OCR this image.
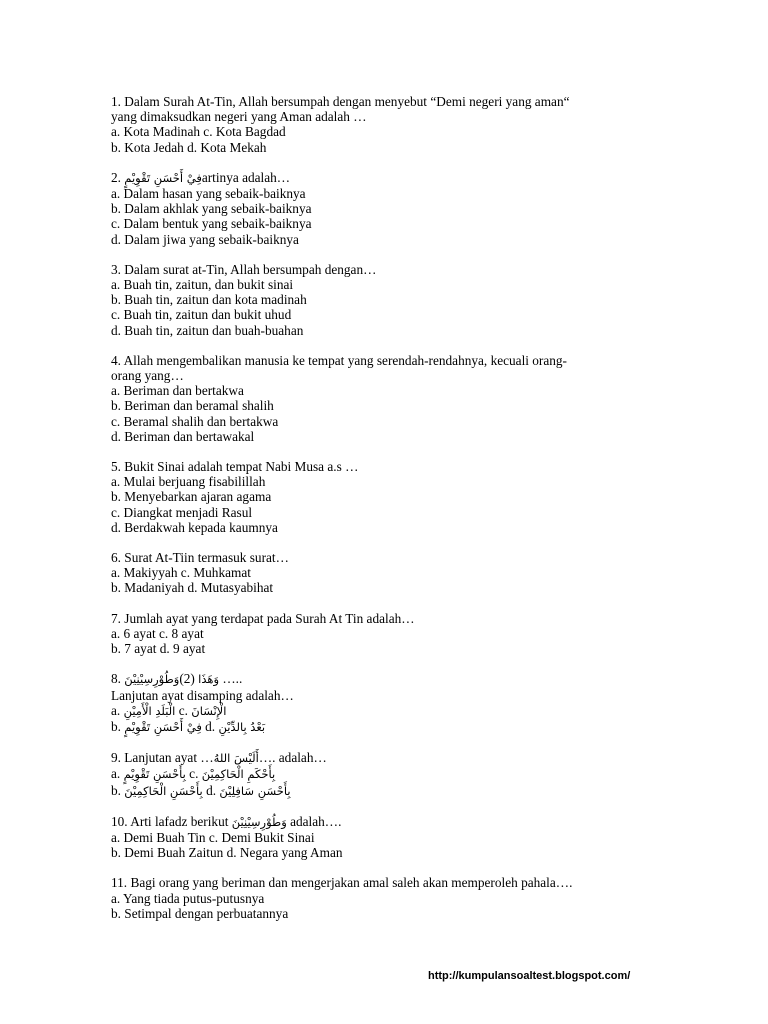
1. Dalam Surah At-Tin, Allah bersumpah dengan menyebut “Demi negeri yang aman“
yang dimaksudkan negeri yang Aman adalah …
a. Kota Madinah c. Kota Bagdad
b. Kota Jedah d. Kota Mekah
2. فِيْ أَحْسَنِ تَقْوِيْمٍartinya adalah…
a. Dalam hasan yang sebaik-baiknya
b. Dalam akhlak yang sebaik-baiknya
c. Dalam bentuk yang sebaik-baiknya
d. Dalam jiwa yang sebaik-baiknya
3. Dalam surat at-Tin, Allah bersumpah dengan…
a. Buah tin, zaitun, dan bukit sinai
b. Buah tin, zaitun dan kota madinah
c. Buah tin, zaitun dan bukit uhud
d. Buah tin, zaitun dan buah-buahan
4. Allah mengembalikan manusia ke tempat yang serendah-rendahnya, kecuali orang-
orang yang…
a. Beriman dan bertakwa
b. Beriman dan beramal shalih
c. Beramal shalih dan bertakwa
d. Beriman dan bertawakal
5. Bukit Sinai adalah tempat Nabi Musa a.s …
a. Mulai berjuang fisabilillah
b. Menyebarkan ajaran agama
c. Diangkat menjadi Rasul
d. Berdakwah kepada kaumnya
6. Surat At-Tiin termasuk surat…
a. Makiyyah c. Muhkamat
b. Madaniyah d. Mutasyabihat
7. Jumlah ayat yang terdapat pada Surah At Tin adalah…
a. 6 ayat c. 8 ayat
b. 7 ayat d. 9 ayat
8. وَطُوْرِسِيْنِيْنَ(2) وَهَذَا …..
Lanjutan ayat disamping adalah…
a. الْبَلَدِ الْأَمِيْنِ c. الْإِنْسَانَ
b. فِيْ أَحْسَنِ تَقْوِيْمٍ d. بَعْدُ بِالدِّيْنِ
9. Lanjutan ayat …أَلَيْسَ اللهُ…. adalah…
a. بِأَحْسَنِ تَقْوِيْمٍ c. بِأَحْكَمِ الْحَاكِمِيْنَ
b. بِأَحْسَنِ الْحَاكِمِيْنَ d. بِأَحْسَنِ سَافِلِيْنَ
10. Arti lafadz berikut وَطُوْرِسِيْنِيْنَ adalah….
a. Demi Buah Tin c. Demi Bukit Sinai
b. Demi Buah Zaitun d. Negara yang Aman
11. Bagi orang yang beriman dan mengerjakan amal saleh akan memperoleh pahala….
a. Yang tiada putus-putusnya
b. Setimpal dengan perbuatannya
http://kumpulansoaltest.blogspot.com/
